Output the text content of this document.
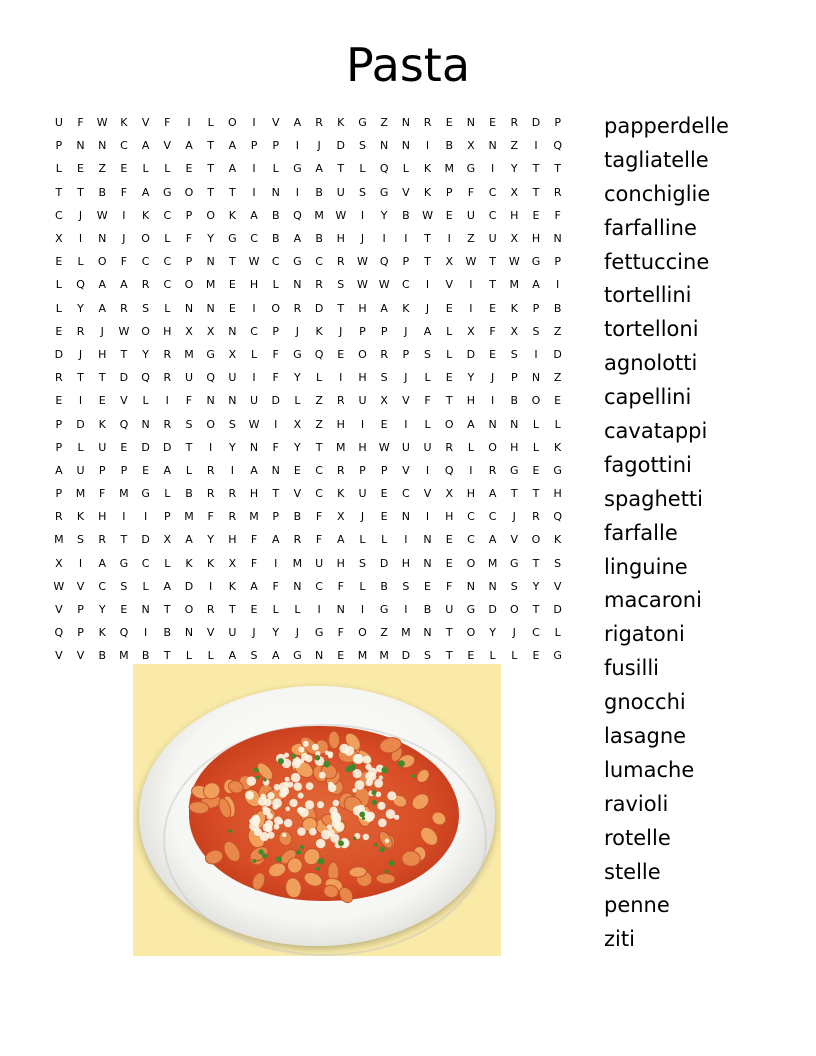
Pasta
U	F	W	K	V	F	I	L	O	I	V	A	R	K	G	Z	N	R	E	N	E	R	D	P
P	N	N	C	A	V	A	T	A	P	P	I	J	D	S	N	N	I	B	X	N	Z	I	Q
L	E	Z	E	L	L	E	T	A	I	L	G	A	T	L	Q	L	K	M	G	I	Y	T	T
T	T	B	F	A	G	O	T	T	I	N	I	B	U	S	G	V	K	P	F	C	X	T	R
C	J	W	I	K	C	P	O	K	A	B	Q	M	W	I	Y	B	W	E	U	C	H	E	F
X	I	N	J	O	L	F	Y	G	C	B	A	B	H	J	I	I	T	I	Z	U	X	H	N
E	L	O	F	C	C	P	N	T	W	C	G	C	R	W	Q	P	T	X	W	T	W	G	P
L	Q	A	A	R	C	O	M	E	H	L	N	R	S	W W	C	I	V	I	T	M	A	I
L	Y	A	R	S	L	N	N	E	I	O	R	D	T	H	A	K	J	E	I	E	K	P	B
E	R	J	W	O	H	X	X	N	C	P	J	K	J	P	P	J	A	L	X	F	X	S	Z
D	J	H	T	Y	R	M	G	X	L	F	G	Q	E	O	R	P	S	L	D	E	S	I	D
R	T	T	D	Q	R	U	Q	U	I	F	Y	L	I	H	S	J	L	E	Y	J	P	N	Z
E	I	E	V	L	I	F	N	N	U	D	L	Z	R	U	X	V	F	T	H	I	B	O	E
P	D	K	Q	N	R	S	O	S	W	I	X	Z	H	I	E	I	L	O	A	N	N	L	L
P	L	U	E	D	D	T	I	Y	N	F	Y	T	M	H	W	U	U	R	L	O	H	L	K
A	U	P	P	E	A	L	R	I	A	N	E	C	R	P	P	V	I	Q	I	R	G	E	G
P	M	F	M	G	L	B	R	R	H	T	V	C	K	U	E	C	V	X	H	A	T	T	H
R	K	H	I	I	P	M	F	R	M	P	B	F	X	J	E	N	I	H	C	C	J	R	Q
M	S	R	T	D	X	A	Y	H	F	A	R	F	A	L	L	I	N	E	C	A	V	O	K
X	I	A	G	C	L	K	K	X	F	I	M	U	H	S	D	H	N	E	O	M	G	T	S
W	V	C	S	L	A	D	I	K	A	F	N	C	F	L	B	S	E	F	N	N	S	Y	V
V	P	Y	E	N	T	O	R	T	E	L	L	I	N	I	G	I	B	U	G	D	O	T	D
Q	P	K	Q	I	B	N	V	U	J	Y	J	G	F	O	Z	M	N	T	O	Y	J	C	L
V	V	B	M	B	T	L	L	A	S	A	G	N	E	M	M	D	S	T	E	L	L	E	G
papperdelle
tagliatelle
conchiglie
farfalline
fettuccine
tortellini
tortelloni
agnolotti
capellini
cavatappi
fagottini
spaghetti
farfalle
linguine
macaroni
rigatoni
fusilli
gnocchi
lasagne
lumache
ravioli
rotelle
stelle
penne
ziti
